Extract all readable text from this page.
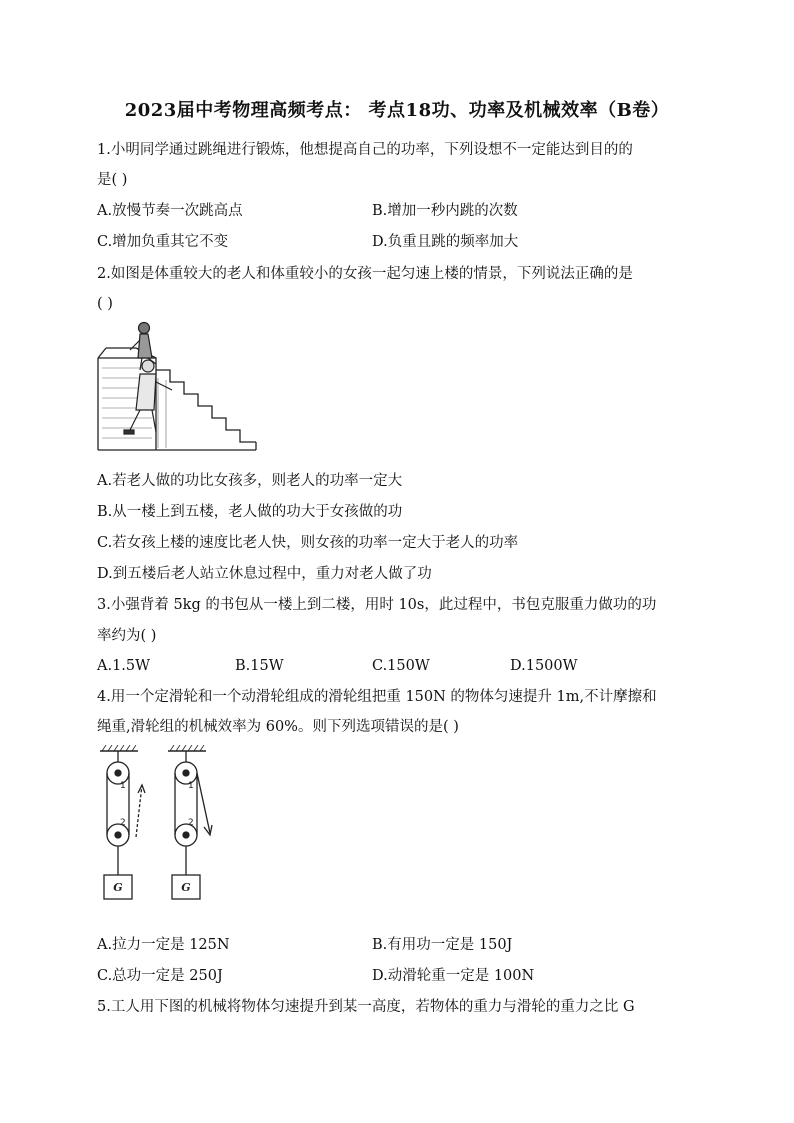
2023届中考物理高频考点： 考点18功、功率及机械效率（B卷）
1.小明同学通过跳绳进行锻炼，他想提高自己的功率，下列设想不一定能达到目的的
是( )
A.放慢节奏一次跳高点	B.增加一秒内跳的次数
C.增加负重其它不变	D.负重且跳的频率加大
2.如图是体重较大的老人和体重较小的女孩一起匀速上楼的情景，下列说法正确的是
( )
A.若老人做的功比女孩多，则老人的功率一定大
B.从一楼上到五楼，老人做的功大于女孩做的功
C.若女孩上楼的速度比老人快，则女孩的功率一定大于老人的功率
D.到五楼后老人站立休息过程中，重力对老人做了功
3.小强背着 5kg 的书包从一楼上到二楼，用时 10s，此过程中，书包克服重力做功的功
率约为( )
A.1.5W	B.15W	C.150W	D.1500W
4.用一个定滑轮和一个动滑轮组成的滑轮组把重 150N 的物体匀速提升 1m,不计摩擦和
绳重,滑轮组的机械效率为 60%。则下列选项错误的是( )
1
2
1
2
G	G
A.拉力一定是 125N	B.有用功一定是 150J
C.总功一定是 250J	D.动滑轮重一定是 100N
5.工人用下图的机械将物体匀速提升到某一高度，若物体的重力与滑轮的重力之比 G
